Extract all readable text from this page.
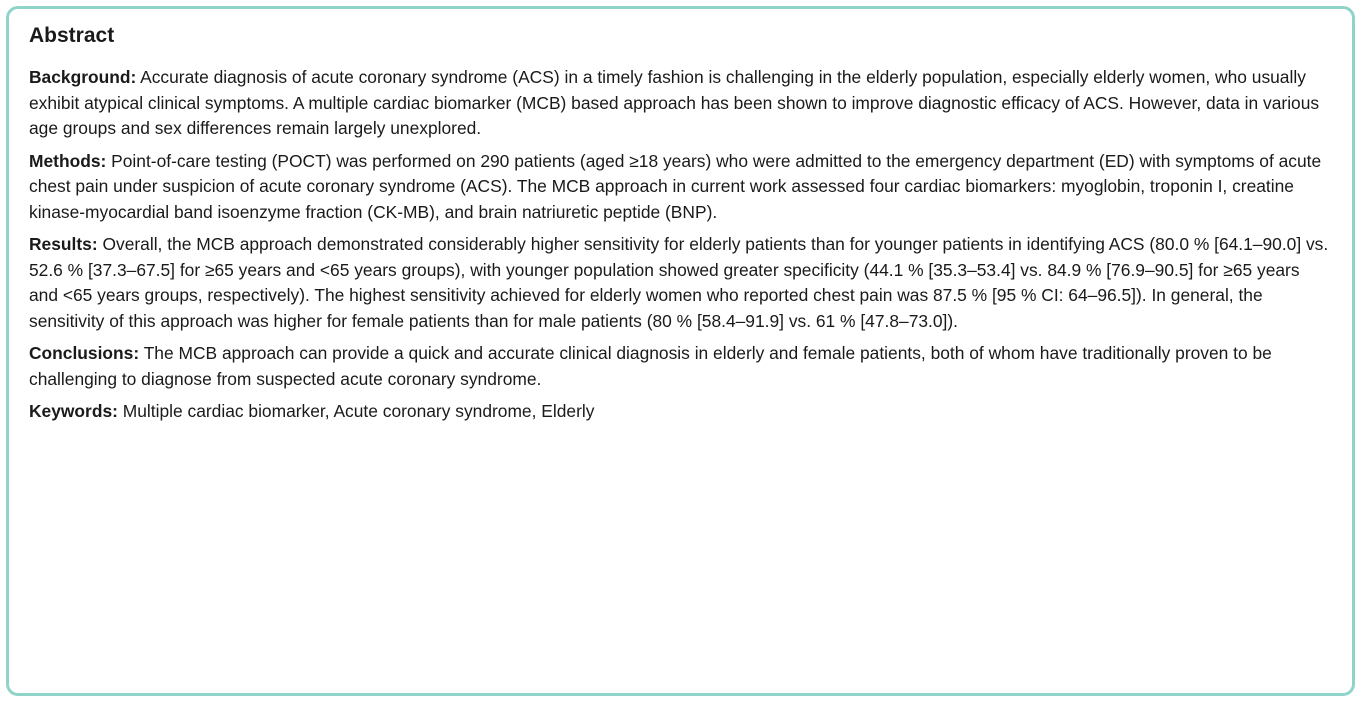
Abstract

Background: Accurate diagnosis of acute coronary syndrome (ACS) in a timely fashion is challenging in the elderly population, especially elderly women, who usually exhibit atypical clinical symptoms. A multiple cardiac biomarker (MCB) based approach has been shown to improve diagnostic efficacy of ACS. However, data in various age groups and sex differences remain largely unexplored.

Methods: Point-of-care testing (POCT) was performed on 290 patients (aged ≥18 years) who were admitted to the emergency department (ED) with symptoms of acute chest pain under suspicion of acute coronary syndrome (ACS). The MCB approach in current work assessed four cardiac biomarkers: myoglobin, troponin I, creatine kinase-myocardial band isoenzyme fraction (CK-MB), and brain natriuretic peptide (BNP).

Results: Overall, the MCB approach demonstrated considerably higher sensitivity for elderly patients than for younger patients in identifying ACS (80.0 % [64.1–90.0] vs. 52.6 % [37.3–67.5] for ≥65 years and <65 years groups), with younger population showed greater specificity (44.1 % [35.3–53.4] vs. 84.9 % [76.9–90.5] for ≥65 years and <65 years groups, respectively). The highest sensitivity achieved for elderly women who reported chest pain was 87.5 % [95 % CI: 64–96.5]). In general, the sensitivity of this approach was higher for female patients than for male patients (80 % [58.4–91.9] vs. 61 % [47.8–73.0]).

Conclusions: The MCB approach can provide a quick and accurate clinical diagnosis in elderly and female patients, both of whom have traditionally proven to be challenging to diagnose from suspected acute coronary syndrome.

Keywords: Multiple cardiac biomarker, Acute coronary syndrome, Elderly
